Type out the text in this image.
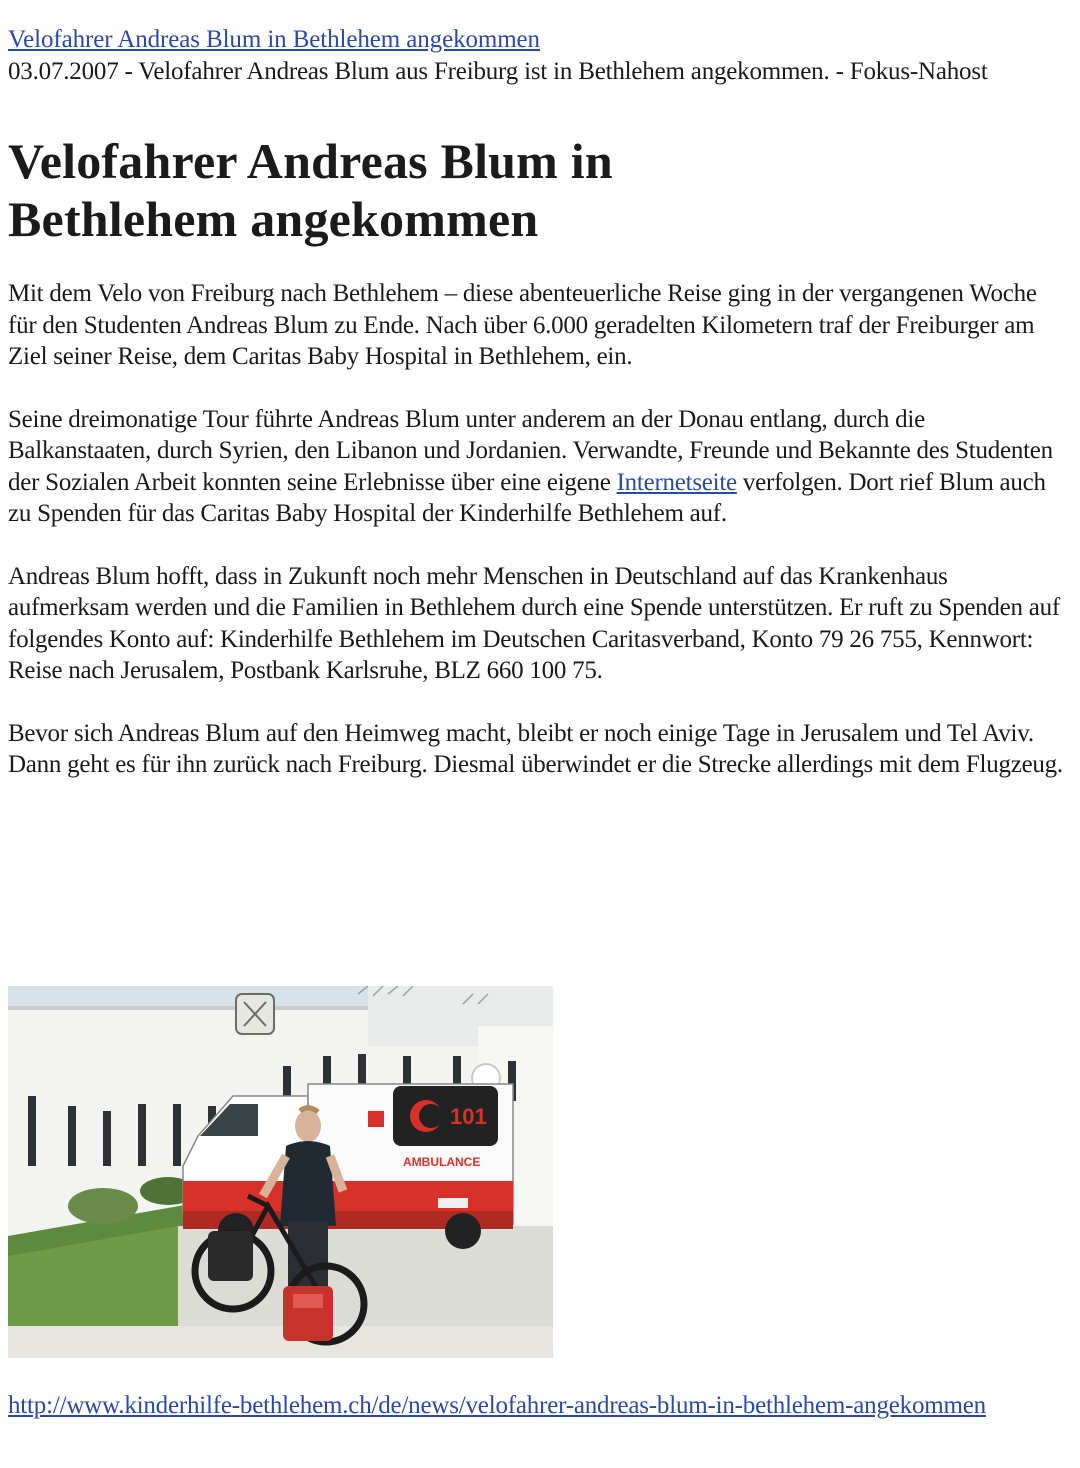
Velofahrer Andreas Blum in Bethlehem angekommen

03.07.2007 - Velofahrer Andreas Blum aus Freiburg ist in Bethlehem angekommen. - Fokus-Nahost

Velofahrer Andreas Blum in
Bethlehem angekommen

Mit dem Velo von Freiburg nach Bethlehem – diese abenteuerliche Reise ging in der vergangenen Woche für den Studenten Andreas Blum zu Ende. Nach über 6.000 geradelten Kilometern traf der Freiburger am Ziel seiner Reise, dem Caritas Baby Hospital in Bethlehem, ein.

Seine dreimonatige Tour führte Andreas Blum unter anderem an der Donau entlang, durch die Balkanstaaten, durch Syrien, den Libanon und Jordanien. Verwandte, Freunde und Bekannte des Studenten der Sozialen Arbeit konnten seine Erlebnisse über eine eigene Internetseite verfolgen. Dort rief Blum auch zu Spenden für das Caritas Baby Hospital der Kinderhilfe Bethlehem auf.

Andreas Blum hofft, dass in Zukunft noch mehr Menschen in Deutschland auf das Krankenhaus aufmerksam werden und die Familien in Bethlehem durch eine Spende unterstützen. Er ruft zu Spenden auf folgendes Konto auf: Kinderhilfe Bethlehem im Deutschen Caritasverband, Konto 79 26 755, Kennwort: Reise nach Jerusalem, Postbank Karlsruhe, BLZ 660 100 75.

Bevor sich Andreas Blum auf den Heimweg macht, bleibt er noch einige Tage in Jerusalem und Tel Aviv. Dann geht es für ihn zurück nach Freiburg. Diesmal überwindet er die Strecke allerdings mit dem Flugzeug.

101
AMBULANCE
http://www.kinderhilfe-bethlehem.ch/de/news/velofahrer-andreas-blum-in-bethlehem-angekommen
